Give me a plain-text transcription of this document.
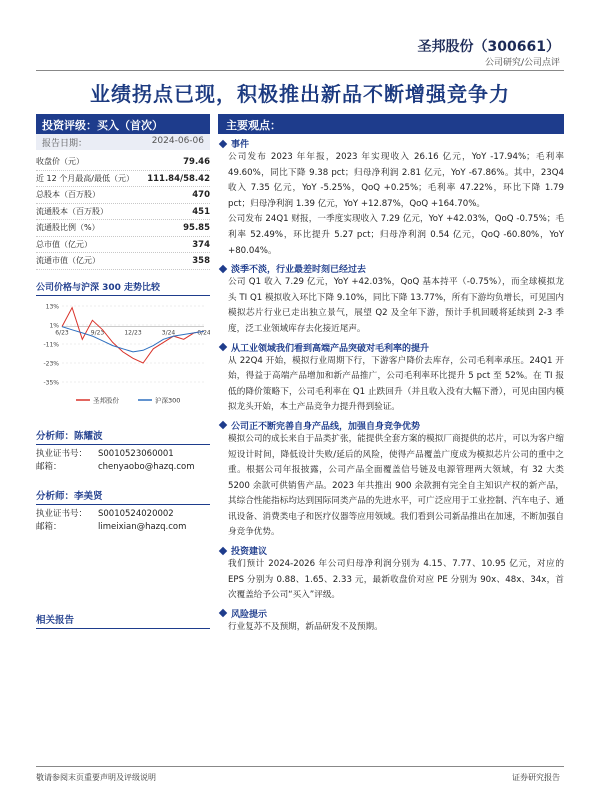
圣邦股份（300661）
公司研究/公司点评
业绩拐点已现，积极推出新品不断增强竞争力
投资评级：买入（首次）
报告日期：	2024-06-06
收盘价（元）	79.46
近 12 个月最高/最低（元） 111.84/58.42
总股本（百万股）	470
流通股本（百万股）	451
流通股比例（%）	95.85
总市值（亿元）	374
流通市值（亿元）	358
公司价格与沪深 300 走势比较
13%
1%
-11%
-23%
-35%
6/23	9/23	12/23	3/24	6/24
圣邦股份	沪深300
分析师：陈耀波
执业证书号：	S0010523060001
邮箱：	chenyaobo@hazq.com
分析师：李美贤
执业证书号：	S0010524020002
邮箱：	limeixian@hazq.com
相关报告
主要观点：
事件
公司发布 2023 年年报，2023 年实现收入 26.16 亿元，YoY -17.94%；毛利率 49.60%，同比下降 9.38 pct；归母净利润 2.81 亿元，YoY -67.86%。其中，23Q4 收入 7.35 亿元，YoY -5.25%，QoQ +0.25%；毛利率 47.22%，环比下降 1.79 pct；归母净利润 1.39 亿元，YoY +12.87%，QoQ +164.70%。
公司发布 24Q1 财报，一季度实现收入 7.29 亿元，YoY +42.03%，QoQ -0.75%；毛利率 52.49%，环比提升 5.27 pct；归母净利润 0.54 亿元，QoQ -60.80%，YoY +80.04%。
淡季不淡，行业最差时刻已经过去
公司 Q1 收入 7.29 亿元，YoY +42.03%，QoQ 基本持平（-0.75%），而全球模拟龙头 TI Q1 模拟收入环比下降 9.10%，同比下降 13.77%，所有下游均负增长，可见国内模拟芯片行业已走出独立景气，展望 Q2 及全年下游，预计手机回暖将延续到 2-3 季度，泛工业领域库存去化接近尾声。
从工业领域我们看到高端产品突破对毛利率的提升
从 22Q4 开始，模拟行业周期下行，下游客户降价去库存，公司毛利率承压。24Q1 开始，得益于高端产品增加和新产品推广，公司毛利率环比提升 5 pct 至 52%。在 TI 报低的降价策略下，公司毛利率在 Q1 止跌回升（并且收入没有大幅下滑），可见由国内模拟龙头开始，本土产品竞争力提升得到验证。
公司正不断完善自身产品线，加强自身竞争优势
模拟公司的成长来自于品类扩张，能提供全套方案的模拟厂商提供的芯片，可以为客户缩短设计时间，降低设计失败/延后的风险，使得产品覆盖广度成为模拟芯片公司的重中之重。根据公司年报披露，公司产品全面覆盖信号链及电源管理两大领域，有 32 大类 5200 余款可供销售产品。2023 年共推出 900 余款拥有完全自主知识产权的新产品，其综合性能指标均达到国际同类产品的先进水平，可广泛应用于工业控制、汽车电子、通讯设备、消费类电子和医疗仪器等应用领域。我们看到公司新品推出在加速，不断加强自身竞争优势。
投资建议
我们预计 2024-2026 年公司归母净利润分别为 4.15、7.77、10.95 亿元，对应的 EPS 分别为 0.88、1.65、2.33 元，最新收盘价对应 PE 分别为 90x、48x、34x，首次覆盖给予公司“买入”评级。
风险提示
行业复苏不及预期，新品研发不及预期。
敬请参阅末页重要声明及评级说明	证券研究报告
